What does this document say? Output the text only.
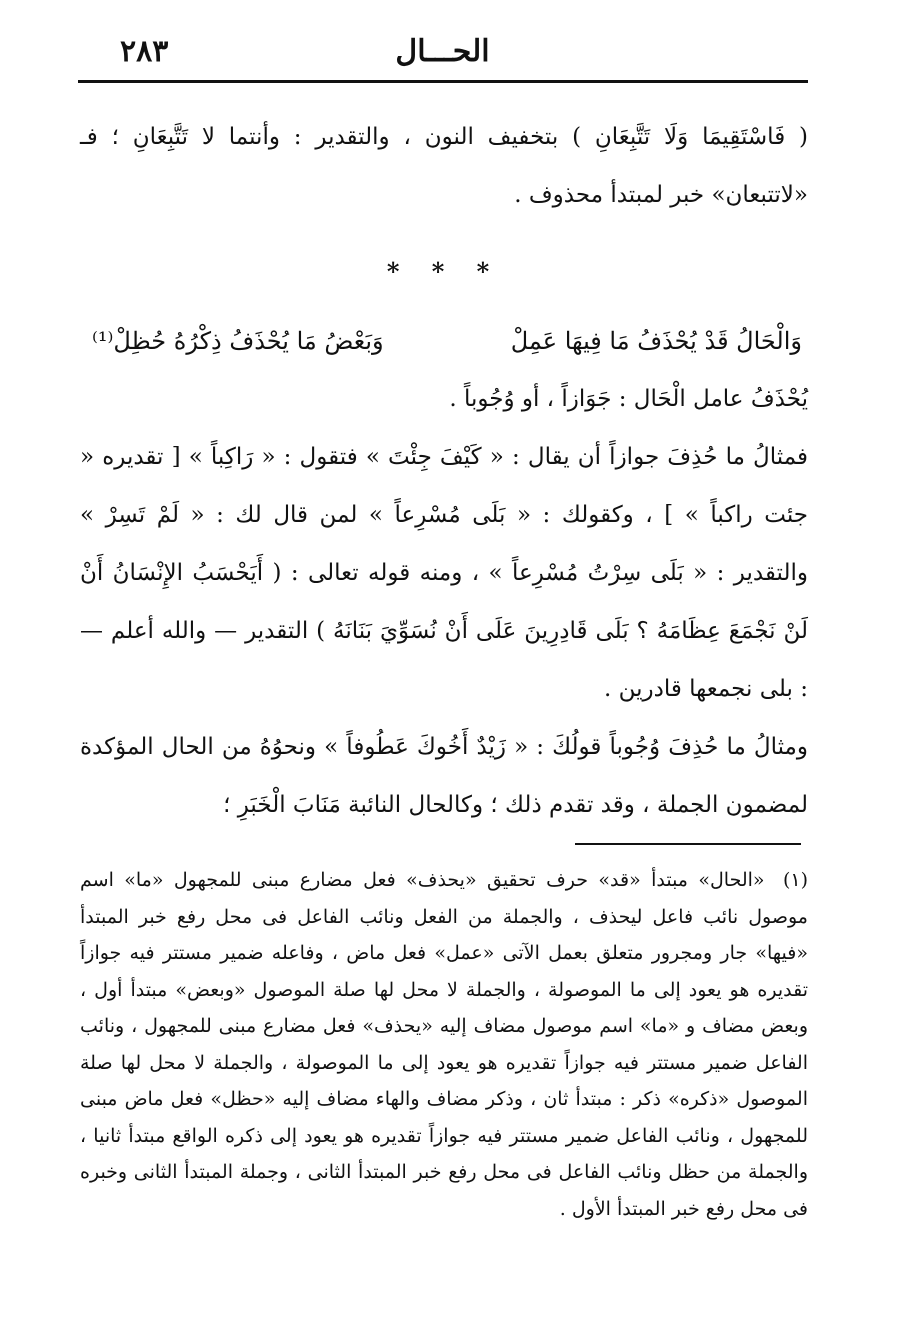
٢٨٣	الحـــال

( فَاسْتَقِيمَا وَلَا تَتَّبِعَانِ ) بتخفيف النون ، والتقدير : وأنتما لا تَتَّبِعَانِ ؛ فـ «لاتتبعان» خبر لمبتدأ محذوف .

* * *
وَالْحَالُ قَدْ يُحْذَفُ مَا فِيهَا عَمِلْ
وَبَعْضُ مَا يُحْذَفُ ذِكْرُهُ حُظِلْ⁽¹⁾

يُحْذَفُ عامل الْحَال : جَوَازاً ، أو وُجُوباً .

فمثالُ ما حُذِفَ جوازاً أن يقال : « كَيْفَ جِئْتَ » فتقول : « رَاكِباً » [ تقديره « جئت راكباً » ] ، وكقولك : « بَلَى مُسْرِعاً » لمن قال لك : « لَمْ تَسِرْ » والتقدير : « بَلَى سِرْتُ مُسْرِعاً » ، ومنه قوله تعالى : ( أَيَحْسَبُ الإِنْسَانُ أَنْ لَنْ نَجْمَعَ عِظَامَهُ ؟ بَلَى قَادِرِينَ عَلَى أَنْ نُسَوِّيَ بَنَانَهُ ) التقدير — والله أعلم — : بلى نجمعها قادرين .

ومثالُ ما حُذِفَ وُجُوباً قولُكَ : « زَيْدٌ أَخُوكَ عَطُوفاً » ونحوُهُ من الحال المؤكدة لمضمون الجملة ، وقد تقدم ذلك ؛ وكالحال النائبة مَنَابَ الْخَبَرِ ؛

(١) «الحال» مبتدأ «قد» حرف تحقيق «يحذف» فعل مضارع مبنى للمجهول «ما» اسم موصول نائب فاعل ليحذف ، والجملة من الفعل ونائب الفاعل فى محل رفع خبر المبتدأ «فيها» جار ومجرور متعلق بعمل الآتى «عمل» فعل ماض ، وفاعله ضمير مستتر فيه جوازاً تقديره هو يعود إلى ما الموصولة ، والجملة لا محل لها صلة الموصول «وبعض» مبتدأ أول ، وبعض مضاف و «ما» اسم موصول مضاف إليه «يحذف» فعل مضارع مبنى للمجهول ، ونائب الفاعل ضمير مستتر فيه جوازاً تقديره هو يعود إلى ما الموصولة ، والجملة لا محل لها صلة الموصول «ذكره» ذكر : مبتدأ ثان ، وذكر مضاف والهاء مضاف إليه «حظل» فعل ماض مبنى للمجهول ، ونائب الفاعل ضمير مستتر فيه جوازاً تقديره هو يعود إلى ذكره الواقع مبتدأ ثانيا ، والجملة من حظل ونائب الفاعل فى محل رفع خبر المبتدأ الثانى ، وجملة المبتدأ الثانى وخبره فى محل رفع خبر المبتدأ الأول .
